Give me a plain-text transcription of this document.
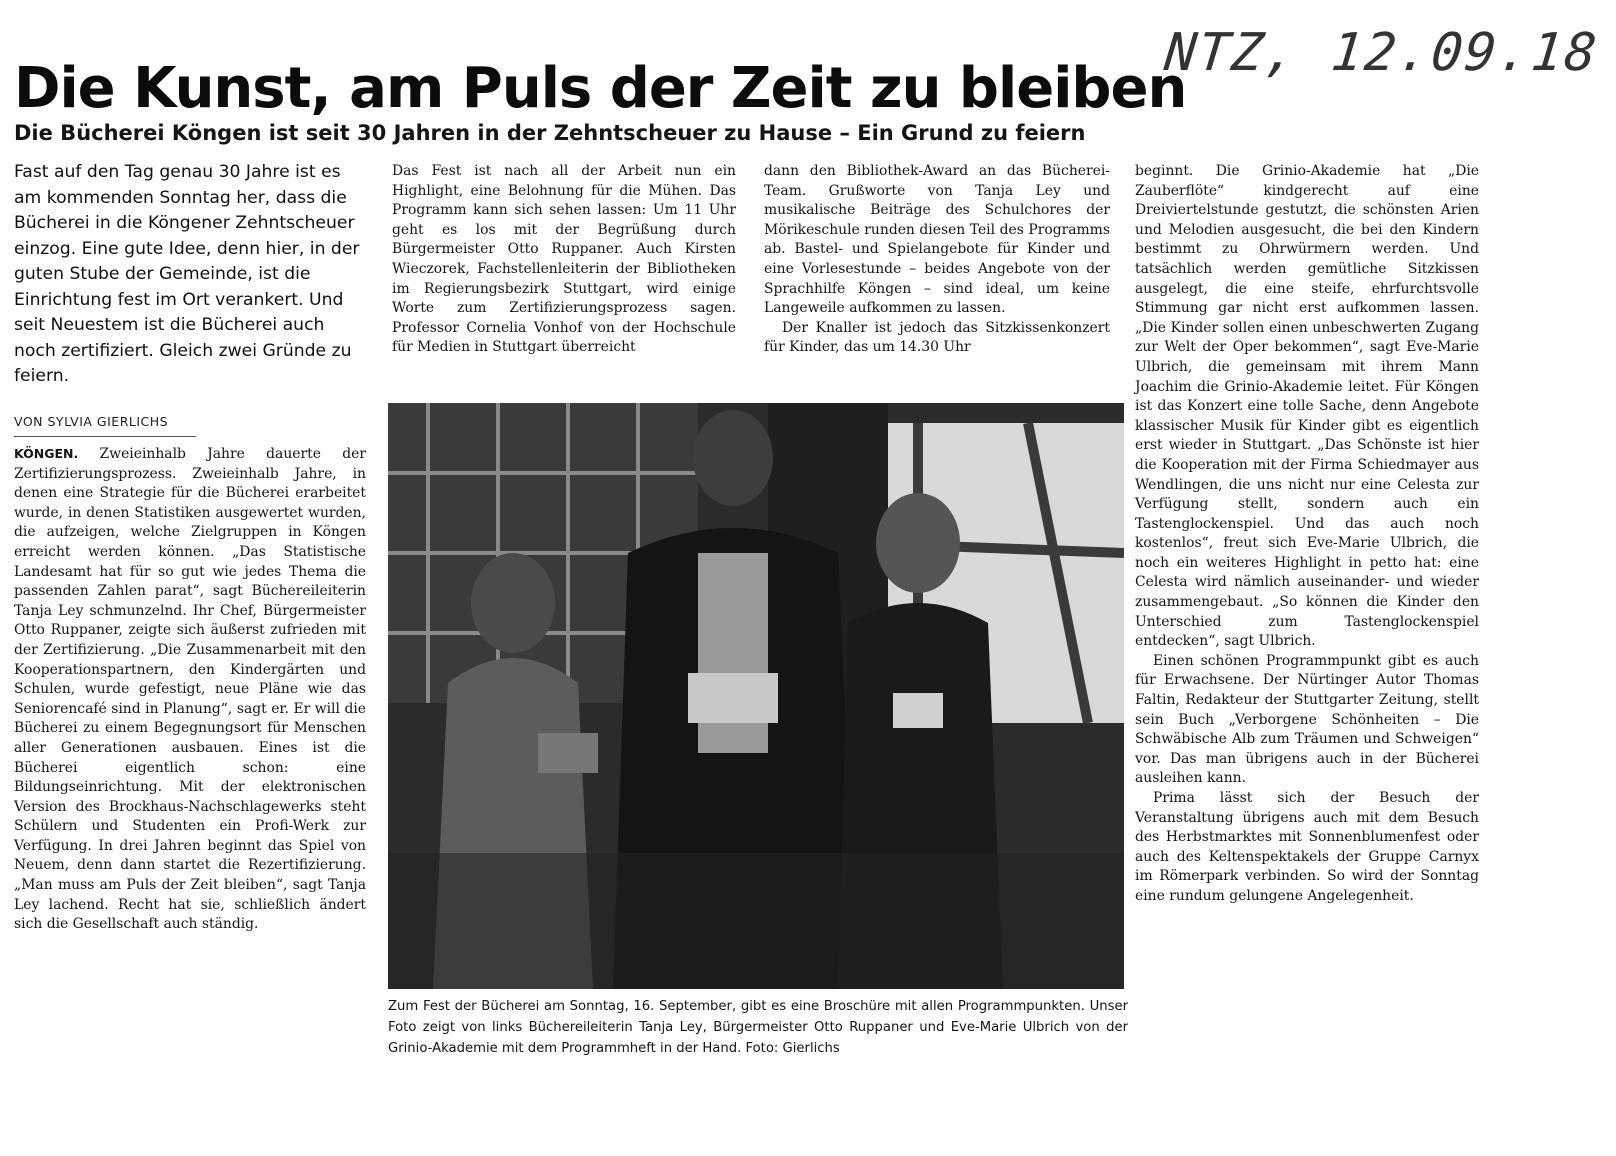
Die Kunst, am Puls der Zeit zu bleiben
NTZ, 12.09.18
Die Bücherei Köngen ist seit 30 Jahren in der Zehntscheuer zu Hause – Ein Grund zu feiern
Fast auf den Tag genau 30 Jahre ist es am kommenden Sonntag her, dass die Bücherei in die Köngener Zehntscheuer einzog. Eine gute Idee, denn hier, in der guten Stube der Gemeinde, ist die Einrichtung fest im Ort verankert. Und seit Neuestem ist die Bücherei auch noch zertifiziert. Gleich zwei Gründe zu feiern.
VON SYLVIA GIERLICHS

KÖNGEN. Zweieinhalb Jahre dauerte der Zertifizierungsprozess. Zweieinhalb Jahre, in denen eine Strategie für die Bücherei erarbeitet wurde, in denen Statistiken ausgewertet wurden, die aufzeigen, welche Zielgruppen in Köngen erreicht werden können. „Das Statistische Landesamt hat für so gut wie jedes Thema die passenden Zahlen parat“, sagt Büchereileiterin Tanja Ley schmunzelnd. Ihr Chef, Bürgermeister Otto Ruppaner, zeigte sich äußerst zufrieden mit der Zertifizierung. „Die Zusammenarbeit mit den Kooperationspartnern, den Kindergärten und Schulen, wurde gefestigt, neue Pläne wie das Seniorencafé sind in Planung“, sagt er. Er will die Bücherei zu einem Begegnungsort für Menschen aller Generationen ausbauen. Eines ist die Bücherei eigentlich schon: eine Bildungseinrichtung. Mit der elektronischen Version des Brockhaus-Nachschlagewerks steht Schülern und Studenten ein Profi-Werk zur Verfügung. In drei Jahren beginnt das Spiel von Neuem, denn dann startet die Rezertifizierung. „Man muss am Puls der Zeit bleiben“, sagt Tanja Ley lachend. Recht hat sie, schließlich ändert sich die Gesellschaft auch ständig.

Das Fest ist nach all der Arbeit nun ein Highlight, eine Belohnung für die Mühen. Das Programm kann sich sehen lassen: Um 11 Uhr geht es los mit der Begrüßung durch Bürgermeister Otto Ruppaner. Auch Kirsten Wieczorek, Fachstellenleiterin der Bibliotheken im Regierungsbezirk Stuttgart, wird einige Worte zum Zertifizierungsprozess sagen. Professor Cornelia Vonhof von der Hochschule für Medien in Stuttgart überreicht

dann den Bibliothek-Award an das Bücherei-Team. Grußworte von Tanja Ley und musikalische Beiträge des Schulchores der Mörikeschule runden diesen Teil des Programms ab. Bastel- und Spielangebote für Kinder und eine Vorlesestunde – beides Angebote von der Sprachhilfe Köngen – sind ideal, um keine Langeweile aufkommen zu lassen.

Der Knaller ist jedoch das Sitzkissenkonzert für Kinder, das um 14.30 Uhr

beginnt. Die Grinio-Akademie hat „Die Zauberflöte“ kindgerecht auf eine Dreiviertelstunde gestutzt, die schönsten Arien und Melodien ausgesucht, die bei den Kindern bestimmt zu Ohrwürmern werden. Und tatsächlich werden gemütliche Sitzkissen ausgelegt, die eine steife, ehrfurchtsvolle Stimmung gar nicht erst aufkommen lassen. „Die Kinder sollen einen unbeschwerten Zugang zur Welt der Oper bekommen“, sagt Eve-Marie Ulbrich, die gemeinsam mit ihrem Mann Joachim die Grinio-Akademie leitet. Für Köngen ist das Konzert eine tolle Sache, denn Angebote klassischer Musik für Kinder gibt es eigentlich erst wieder in Stuttgart. „Das Schönste ist hier die Kooperation mit der Firma Schiedmayer aus Wendlingen, die uns nicht nur eine Celesta zur Verfügung stellt, sondern auch ein Tastenglockenspiel. Und das auch noch kostenlos“, freut sich Eve-Marie Ulbrich, die noch ein weiteres Highlight in petto hat: eine Celesta wird nämlich auseinander- und wieder zusammengebaut. „So können die Kinder den Unterschied zum Tastenglockenspiel entdecken“, sagt Ulbrich.

Einen schönen Programmpunkt gibt es auch für Erwachsene. Der Nürtinger Autor Thomas Faltin, Redakteur der Stuttgarter Zeitung, stellt sein Buch „Verborgene Schönheiten – Die Schwäbische Alb zum Träumen und Schweigen“ vor. Das man übrigens auch in der Bücherei ausleihen kann.

Prima lässt sich der Besuch der Veranstaltung übrigens auch mit dem Besuch des Herbstmarktes mit Sonnenblumenfest oder auch des Keltenspektakels der Gruppe Carnyx im Römerpark verbinden. So wird der Sonntag eine rundum gelungene Angelegenheit.

Zum Fest der Bücherei am Sonntag, 16. September, gibt es eine Broschüre mit allen Programmpunkten. Unser Foto zeigt von links Büchereileiterin Tanja Ley, Bürgermeister Otto Ruppaner und Eve-Marie Ulbrich von der Grinio-Akademie mit dem Programmheft in der Hand. Foto: Gierlichs
